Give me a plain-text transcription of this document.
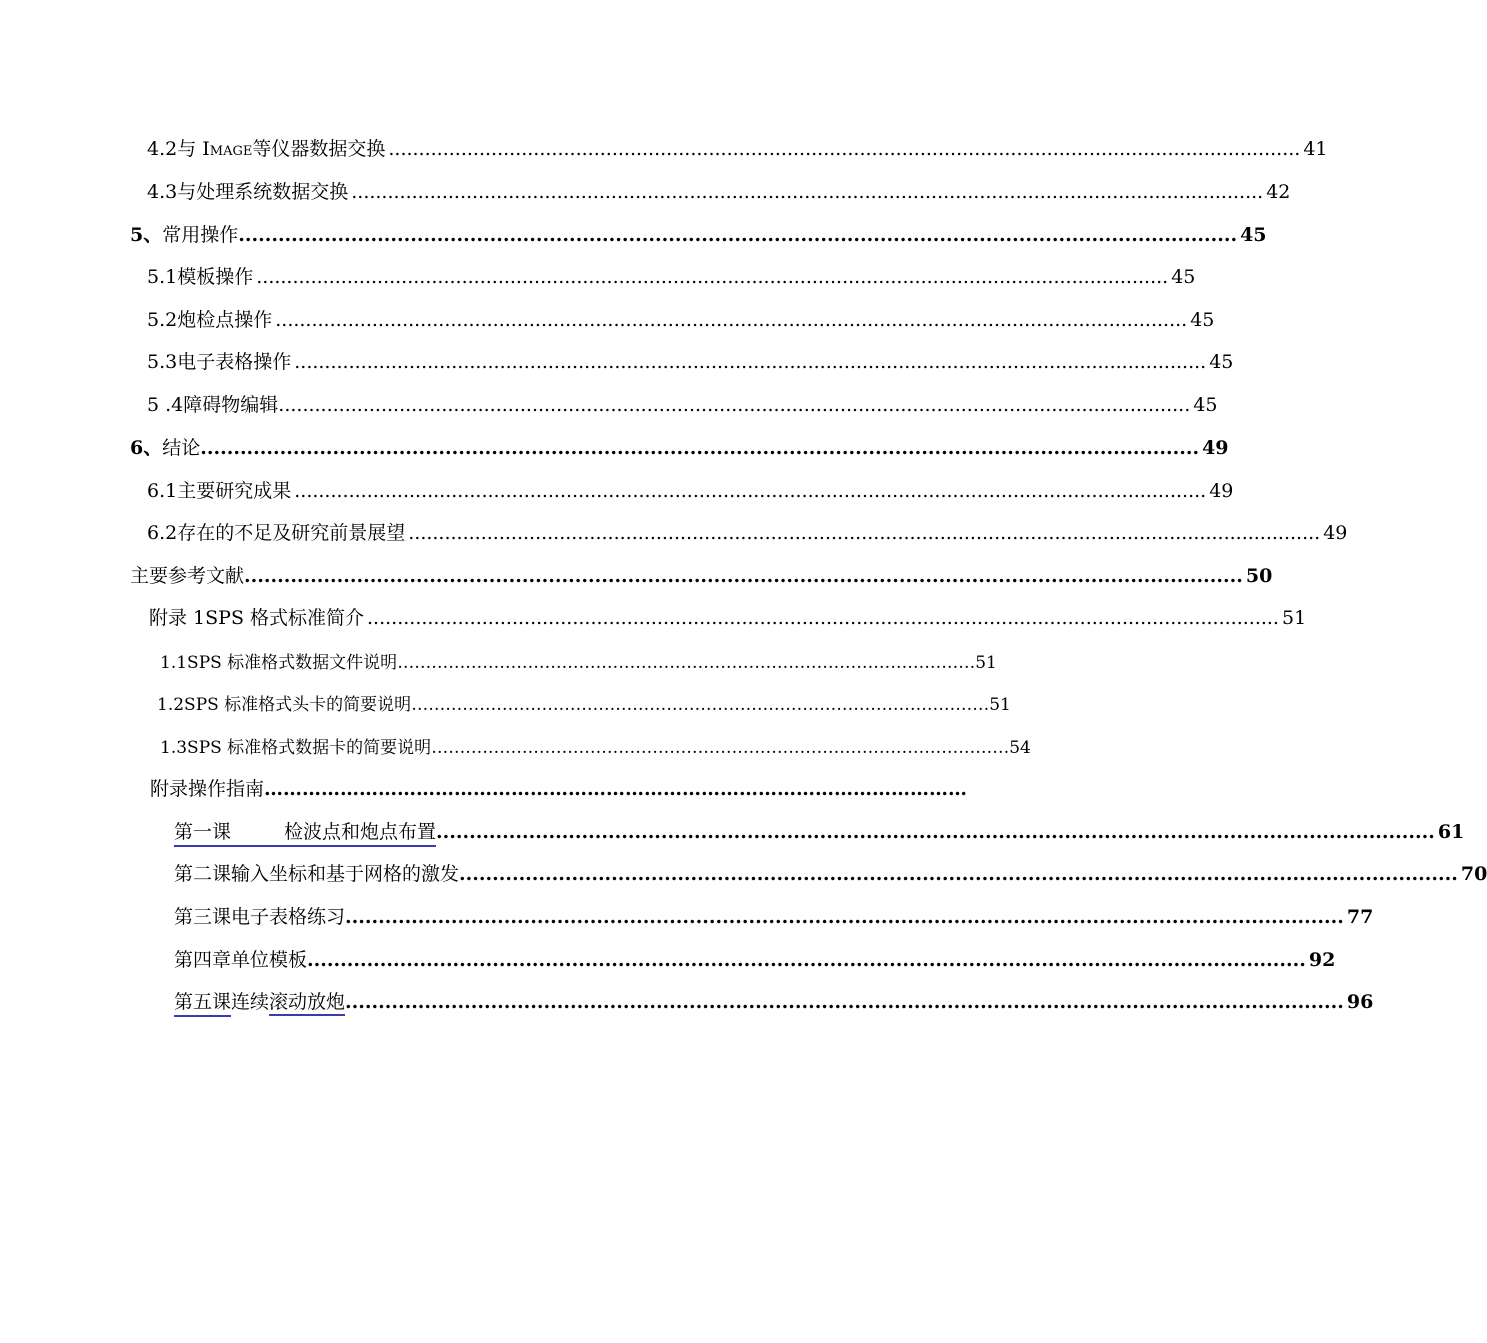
4.2 与 IMAGE等仪器数据交换 ....................................................................................................................................................... 41
4.3 与处理系统数据交换 ....................................................................................................................................................... 42
5、 常用操作 ....................................................................................................................................................... 45
5.1 模板操作 ....................................................................................................................................................... 45
5.2 炮检点操作 ....................................................................................................................................................... 45
5.3 电子表格操作 ....................................................................................................................................................... 45
5 .4 障碍物编辑 ....................................................................................................................................................... 45
6、 结论 ....................................................................................................................................................... 49
6.1 主要研究成果 ....................................................................................................................................................... 49
6.2 存在的不足及研究前景展望 ....................................................................................................................................................... 49
主要参考文献 ....................................................................................................................................................... 50
附录 1 SPS 格式标准简介 ....................................................................................................................................................... 51
1.1 SPS 标准格式数据文件说明 ………………………………………………………………………………………… 51
1.2 SPS 标准格式头卡的简要说明 ………………………………………………………………………………………… 51
1.3 SPS 标准格式数据卡的简要说明 ………………………………………………………………………………………… 54
附录 操作指南 …………………………………………………………………………………………………
第一课	检波点和炮点布置 ....................................................................................................................................................... 61
第二课 输入坐标和基于网格的激发 ....................................................................................................................................................... 70
第三课 电子表格练习 ....................................................................................................................................................... 77
第四章 单位模板 ....................................................................................................................................................... 92
第五课 连续滚动放炮 ....................................................................................................................................................... 96
